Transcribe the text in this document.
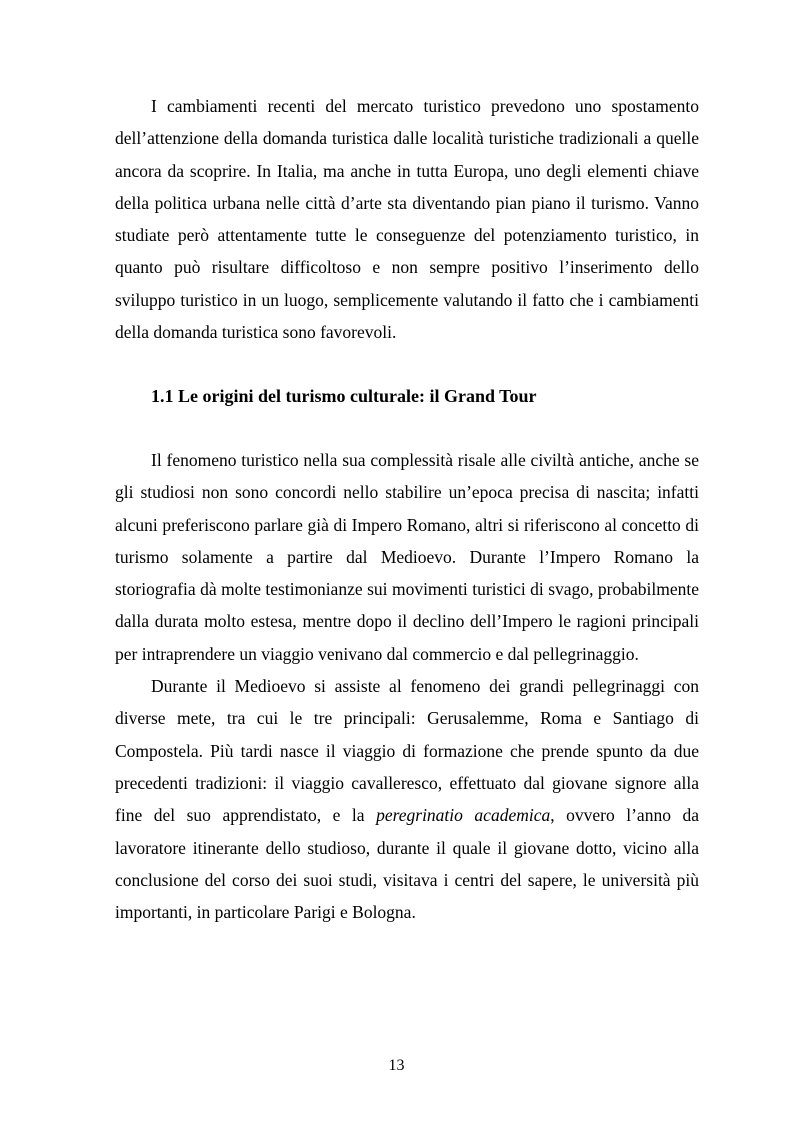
I cambiamenti recenti del mercato turistico prevedono uno spostamento dell’attenzione della domanda turistica dalle località turistiche tradizionali a quelle ancora da scoprire. In Italia, ma anche in tutta Europa, uno degli elementi chiave della politica urbana nelle città d’arte sta diventando pian piano il turismo. Vanno studiate però attentamente tutte le conseguenze del potenziamento turistico, in quanto può risultare difficoltoso e non sempre positivo l’inserimento dello sviluppo turistico in un luogo, semplicemente valutando il fatto che i cambiamenti della domanda turistica sono favorevoli.

1.1 Le origini del turismo culturale: il Grand Tour

Il fenomeno turistico nella sua complessità risale alle civiltà antiche, anche se gli studiosi non sono concordi nello stabilire un’epoca precisa di nascita; infatti alcuni preferiscono parlare già di Impero Romano, altri si riferiscono al concetto di turismo solamente a partire dal Medioevo. Durante l’Impero Romano la storiografia dà molte testimonianze sui movimenti turistici di svago, probabilmente dalla durata molto estesa, mentre dopo il declino dell’Impero le ragioni principali per intraprendere un viaggio venivano dal commercio e dal pellegrinaggio.

Durante il Medioevo si assiste al fenomeno dei grandi pellegrinaggi con diverse mete, tra cui le tre principali: Gerusalemme, Roma e Santiago di Compostela. Più tardi nasce il viaggio di formazione che prende spunto da due precedenti tradizioni: il viaggio cavalleresco, effettuato dal giovane signore alla fine del suo apprendistato, e la peregrinatio academica, ovvero l’anno da lavoratore itinerante dello studioso, durante il quale il giovane dotto, vicino alla conclusione del corso dei suoi studi, visitava i centri del sapere, le università più importanti, in particolare Parigi e Bologna.

13
